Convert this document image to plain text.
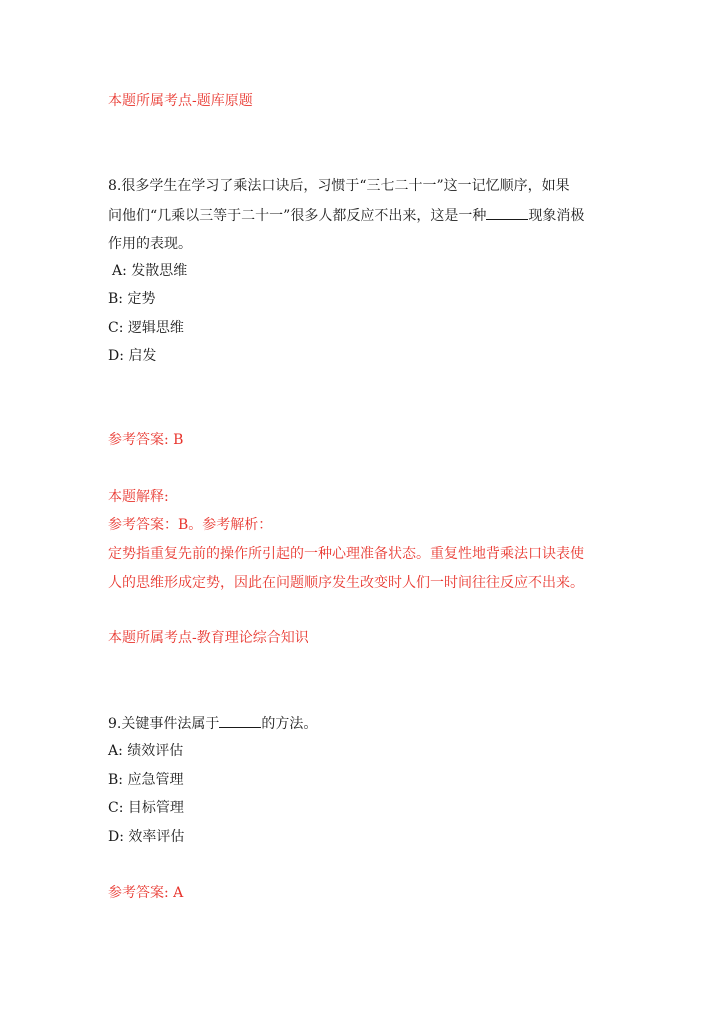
本题所属考点-题库原题
8.很多学生在学习了乘法口诀后，习惯于“三七二十一”这一记忆顺序，如果
问他们“几乘以三等于二十一”很多人都反应不出来，这是一种	现象消极
作用的表现。
A: 发散思维
B: 定势
C: 逻辑思维
D: 启发
参考答案: B
本题解释:
参考答案：B。参考解析：
定势指重复先前的操作所引起的一种心理准备状态。重复性地背乘法口诀表使
人的思维形成定势，因此在问题顺序发生改变时人们一时间往往反应不出来。
本题所属考点-教育理论综合知识
9.关键事件法属于	的方法。
A: 绩效评估
B: 应急管理
C: 目标管理
D: 效率评估
参考答案: A
